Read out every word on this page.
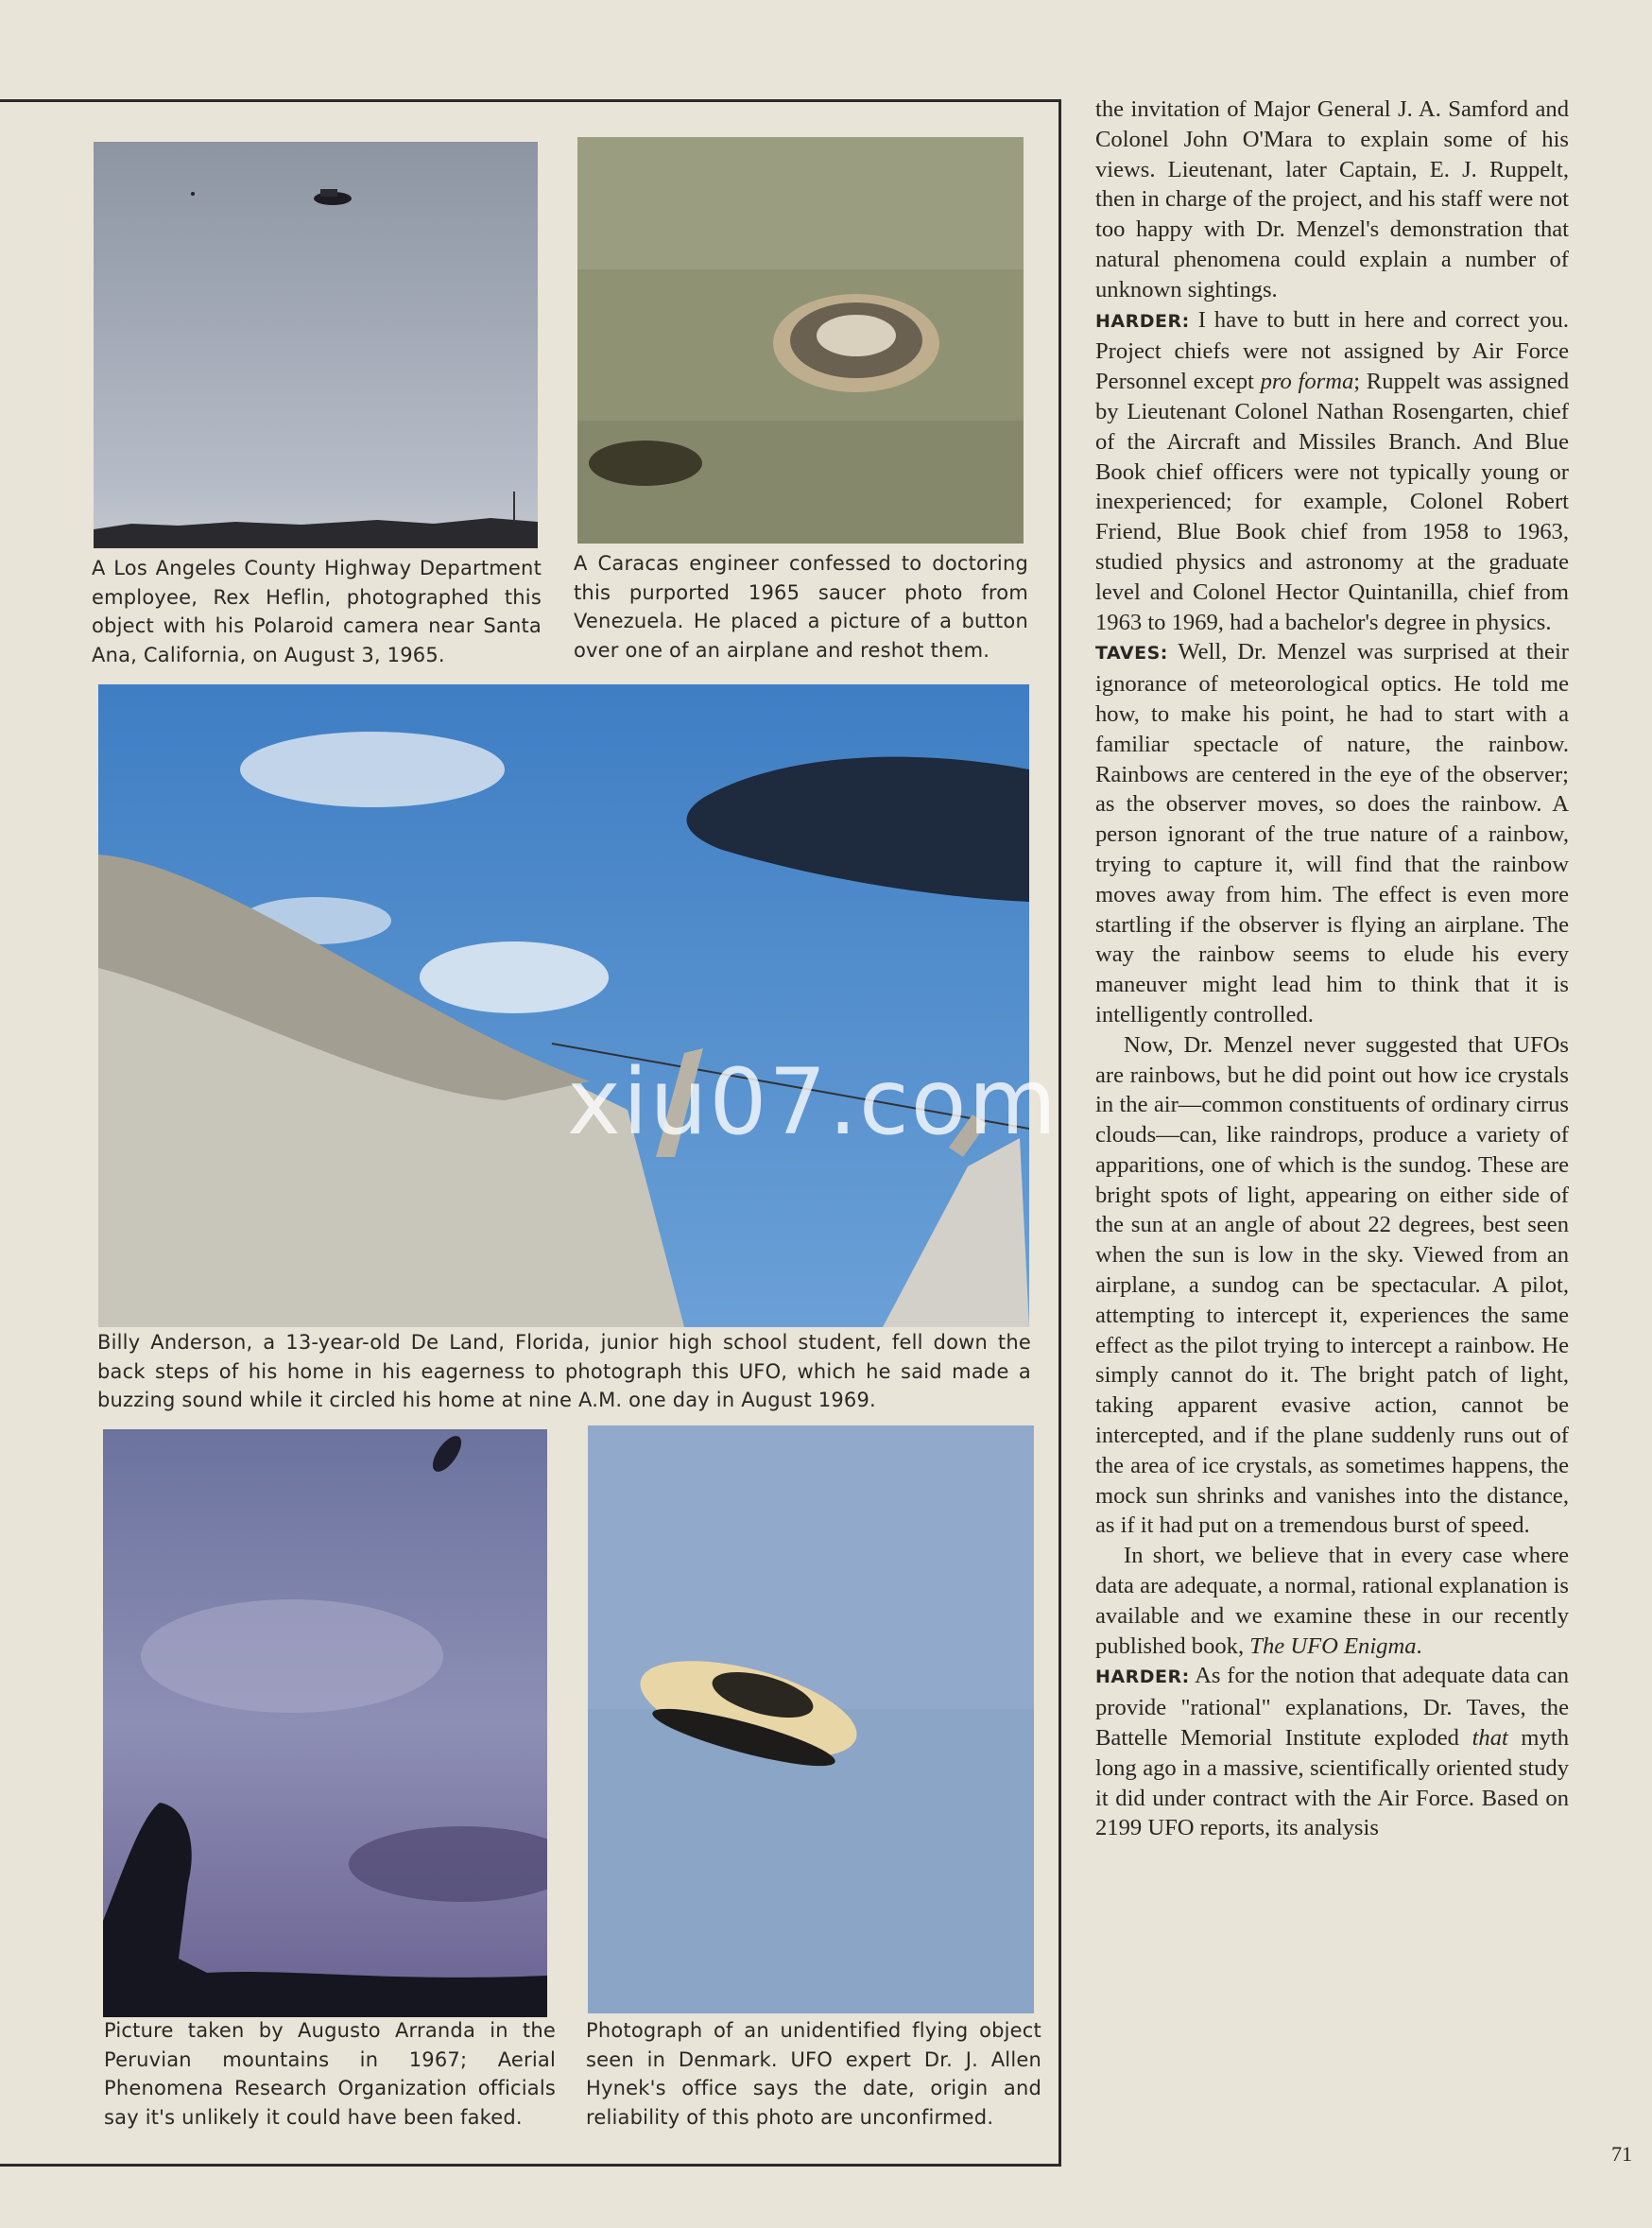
A Los Angeles County Highway Department employee, Rex Heflin, photographed this object with his Polaroid camera near Santa Ana, California, on August 3, 1965.
A Caracas engineer confessed to doctoring this purported 1965 saucer photo from Venezuela. He placed a picture of a button over one of an airplane and reshot them.
Billy Anderson, a 13-year-old De Land, Florida, junior high school student, fell down the back steps of his home in his eagerness to photograph this UFO, which he said made a buzzing sound while it circled his home at nine A.M. one day in August 1969.
Picture taken by Augusto Arranda in the Peruvian mountains in 1967; Aerial Phenomena Research Organization officials say it's unlikely it could have been faked.
Photograph of an unidentified flying object seen in Denmark. UFO expert Dr. J. Allen Hynek's office says the date, origin and reliability of this photo are unconfirmed.
xiu07.com

the invitation of Major General J. A. Samford and Colonel John O'Mara to explain some of his views. Lieutenant, later Captain, E. J. Ruppelt, then in charge of the project, and his staff were not too happy with Dr. Menzel's demonstration that natural phenomena could explain a number of unknown sightings.

HARDER: I have to butt in here and correct you. Project chiefs were not assigned by Air Force Personnel except pro forma; Ruppelt was assigned by Lieutenant Colonel Nathan Rosengarten, chief of the Aircraft and Missiles Branch. And Blue Book chief officers were not typically young or inexperienced; for example, Colonel Robert Friend, Blue Book chief from 1958 to 1963, studied physics and astronomy at the graduate level and Colonel Hector Quintanilla, chief from 1963 to 1969, had a bachelor's degree in physics.

TAVES: Well, Dr. Menzel was surprised at their ignorance of meteorological optics. He told me how, to make his point, he had to start with a familiar spectacle of nature, the rainbow. Rainbows are centered in the eye of the observer; as the observer moves, so does the rainbow. A person ignorant of the true nature of a rainbow, trying to capture it, will find that the rainbow moves away from him. The effect is even more startling if the observer is flying an airplane. The way the rainbow seems to elude his every maneuver might lead him to think that it is intelligently controlled.

Now, Dr. Menzel never suggested that UFOs are rainbows, but he did point out how ice crystals in the air—common constituents of ordinary cirrus clouds—can, like raindrops, produce a variety of apparitions, one of which is the sundog. These are bright spots of light, appearing on either side of the sun at an angle of about 22 degrees, best seen when the sun is low in the sky. Viewed from an airplane, a sundog can be spectacular. A pilot, attempting to intercept it, experiences the same effect as the pilot trying to intercept a rainbow. He simply cannot do it. The bright patch of light, taking apparent evasive action, cannot be intercepted, and if the plane suddenly runs out of the area of ice crystals, as sometimes happens, the mock sun shrinks and vanishes into the distance, as if it had put on a tremendous burst of speed.

In short, we believe that in every case where data are adequate, a normal, rational explanation is available and we examine these in our recently published book, The UFO Enigma.

HARDER: As for the notion that adequate data can provide "rational" explanations, Dr. Taves, the Battelle Memorial Institute exploded that myth long ago in a massive, scientifically oriented study it did under contract with the Air Force. Based on 2199 UFO reports, its analysis

71
